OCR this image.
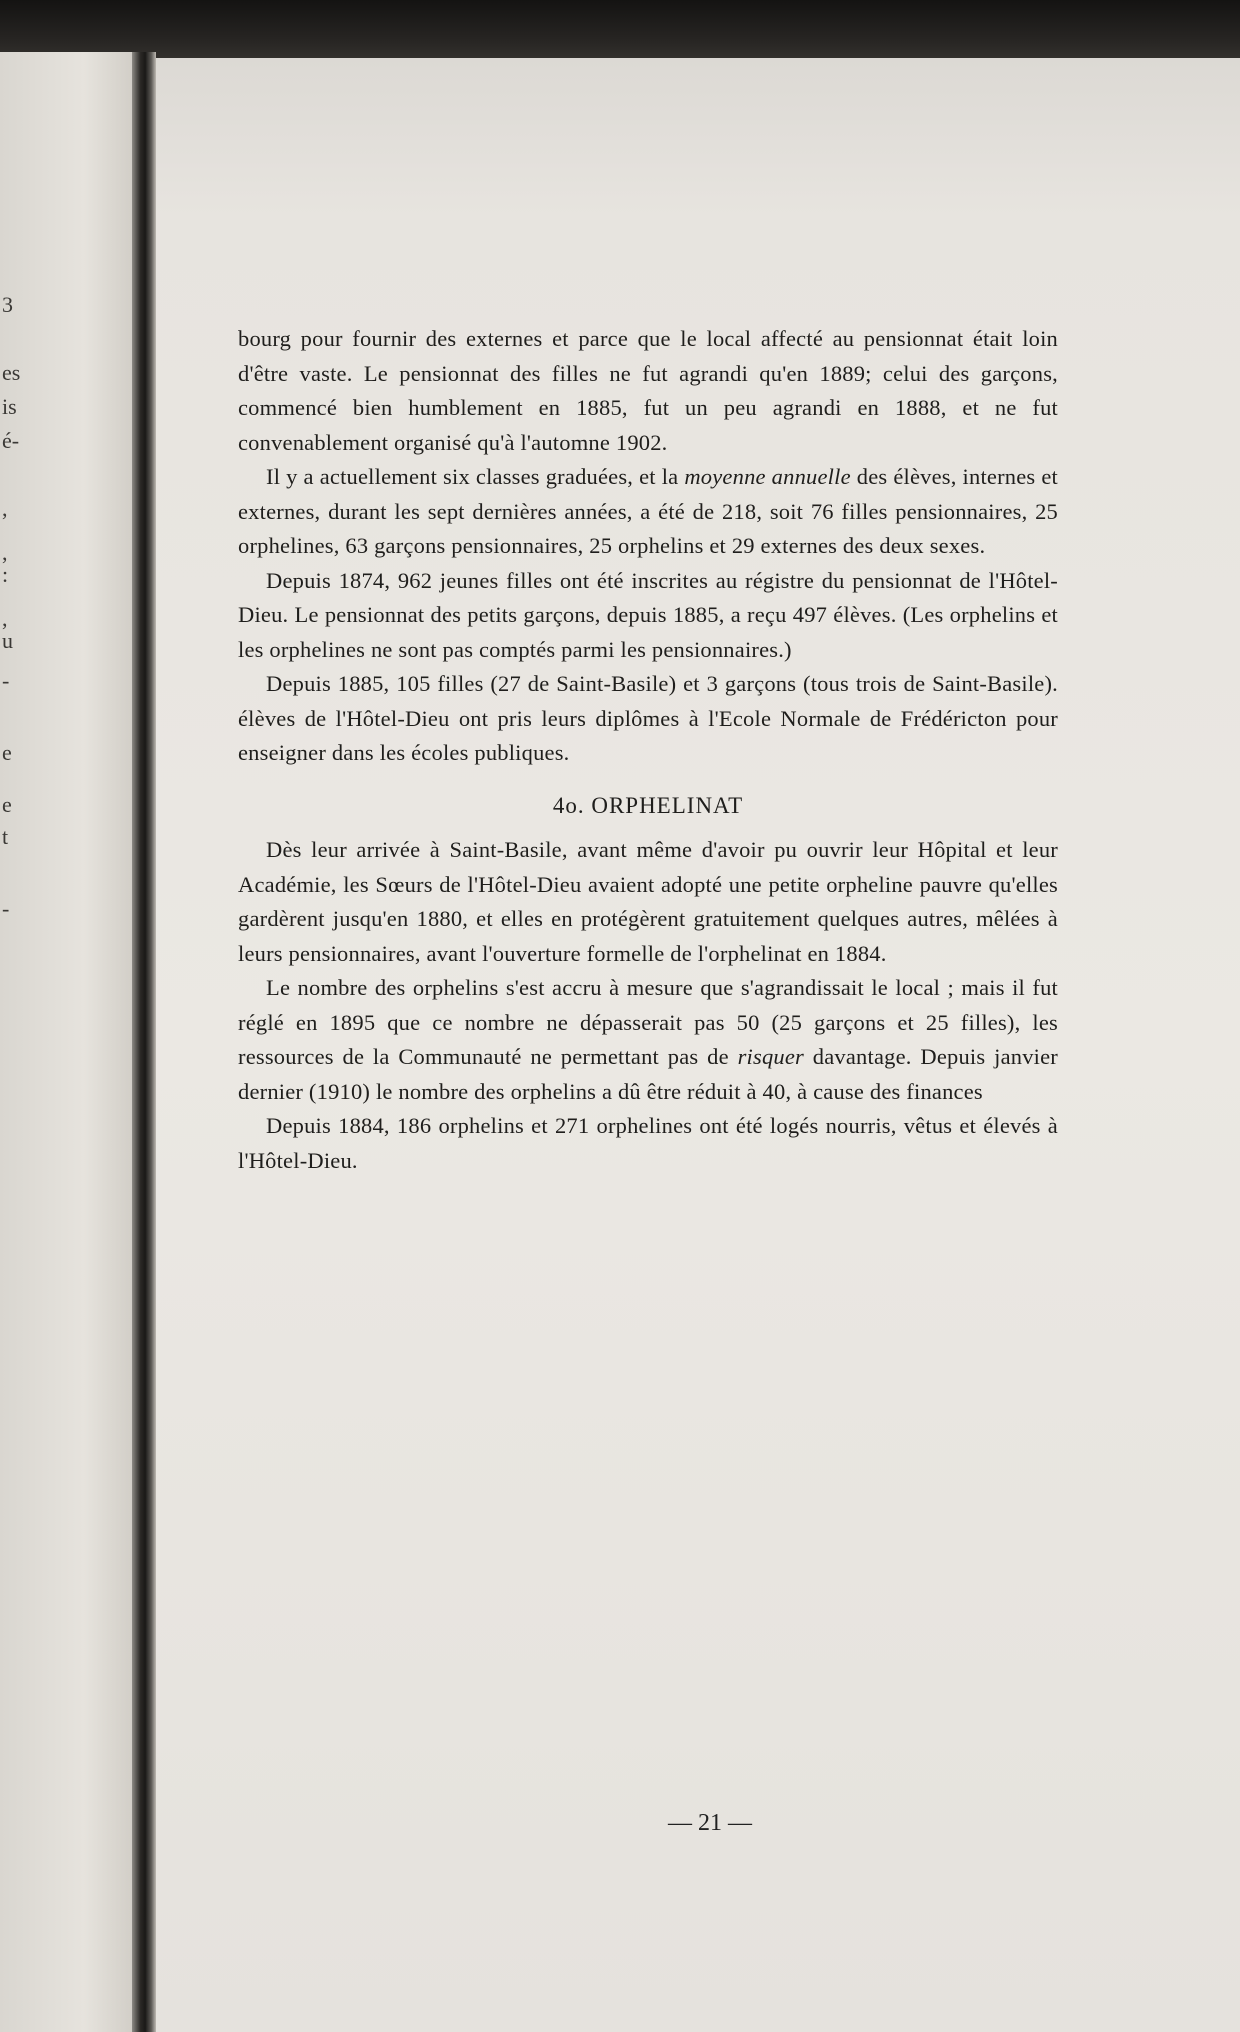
3
es
is
é-
,
,
:
,
u
-
e
e
t
-

bourg pour fournir des externes et parce que le local affecté au pensionnat était loin d'être vaste. Le pensionnat des filles ne fut agrandi qu'en 1889; celui des garçons, commencé bien humblement en 1885, fut un peu agrandi en 1888, et ne fut convenablement organisé qu'à l'automne 1902.

Il y a actuellement six classes graduées, et la moyenne annuelle des élèves, internes et externes, durant les sept dernières années, a été de 218, soit 76 filles pensionnaires, 25 orphelines, 63 garçons pensionnaires, 25 orphelins et 29 externes des deux sexes.

Depuis 1874, 962 jeunes filles ont été inscrites au régistre du pensionnat de l'Hôtel-Dieu. Le pensionnat des petits garçons, depuis 1885, a reçu 497 élèves. (Les orphelins et les orphelines ne sont pas comptés parmi les pensionnaires.)

Depuis 1885, 105 filles (27 de Saint-Basile) et 3 garçons (tous trois de Saint-Basile). élèves de l'Hôtel-Dieu ont pris leurs diplômes à l'Ecole Normale de Frédéricton pour enseigner dans les écoles publiques.

4o. ORPHELINAT

Dès leur arrivée à Saint-Basile, avant même d'avoir pu ouvrir leur Hôpital et leur Académie, les Sœurs de l'Hôtel-Dieu avaient adopté une petite orpheline pauvre qu'elles gardèrent jusqu'en 1880, et elles en protégèrent gratuitement quelques autres, mêlées à leurs pensionnaires, avant l'ouverture formelle de l'orphelinat en 1884.

Le nombre des orphelins s'est accru à mesure que s'agrandissait le local ; mais il fut réglé en 1895 que ce nombre ne dépasserait pas 50 (25 garçons et 25 filles), les ressources de la Communauté ne permettant pas de risquer davantage. Depuis janvier dernier (1910) le nombre des orphelins a dû être réduit à 40, à cause des finances

Depuis 1884, 186 orphelins et 271 orphelines ont été logés nourris, vêtus et élevés à l'Hôtel-Dieu.

— 21 —
